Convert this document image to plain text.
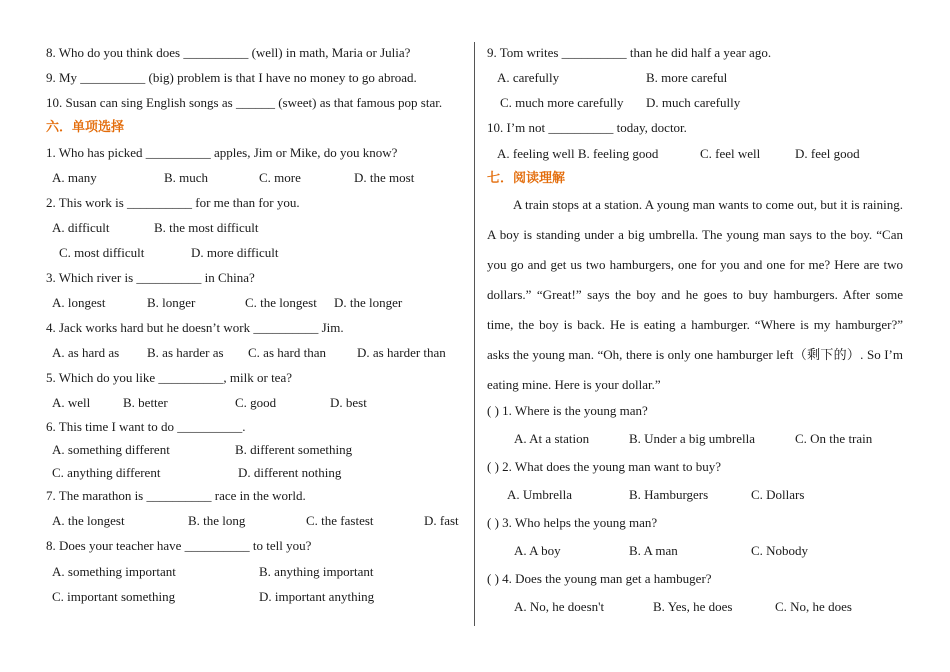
8. Who do you think does __________ (well) in math, Maria or Julia?
9. My __________ (big) problem is that I have no money to go abroad.
10. Susan can sing English songs as ______ (sweet) as that famous pop star.
六．单项选择
1. Who has picked __________ apples, Jim or Mike, do you know?
A. many	B. much	C. more	D. the most
2. This work is __________ for me than for you.
A. difficult	B. the most difficult
C. most difficult	D. more difficult
3. Which river is __________ in China?
A. longest	B. longer	C. the longest D. the longer
4. Jack works hard but he doesn’t work __________ Jim.
A. as hard as B. as harder as C. as hard than D. as harder than
5. Which do you like __________, milk or tea?
A. well	B. better	C. good	D. best
6. This time I want to do __________.
A. something different	B. different something
C. anything different	D. different nothing
7. The marathon is __________ race in the world.
A. the longest	B. the long	C. the fastest	D. fast
8. Does your teacher have __________ to tell you?
A. something important	B. anything important
C. important something	D. important anything
9. Tom writes __________ than he did half a year ago.
A. carefully	B. more careful
C. much more carefully D. much carefully
10. I’m not __________ today, doctor.
A. feeling well B. feeling good	C. feel well	D. feel good
七．阅读理解
A train stops at a station. A young man wants to come out, but it is raining. A boy is standing under a big umbrella. The young man says to the boy. “Can you go and get us two hamburgers, one for you and one for me? Here are two dollars.” “Great!” says the boy and he goes to buy hamburgers. After some time, the boy is back. He is eating a hamburger. “Where is my hamburger?” asks the young man. “Oh, there is only one hamburger left（剩下的）. So I’m eating mine. Here is your dollar.”
( ) 1. Where is the young man?
A. At a station	B. Under a big umbrella	C. On the train
( ) 2. What does the young man want to buy?
A. Umbrella	B. Hamburgers	C. Dollars
( ) 3. Who helps the young man?
A. A boy	B. A man	C. Nobody
( ) 4. Does the young man get a hambuger?
A. No, he doesn't	B. Yes, he does	C. No, he does
